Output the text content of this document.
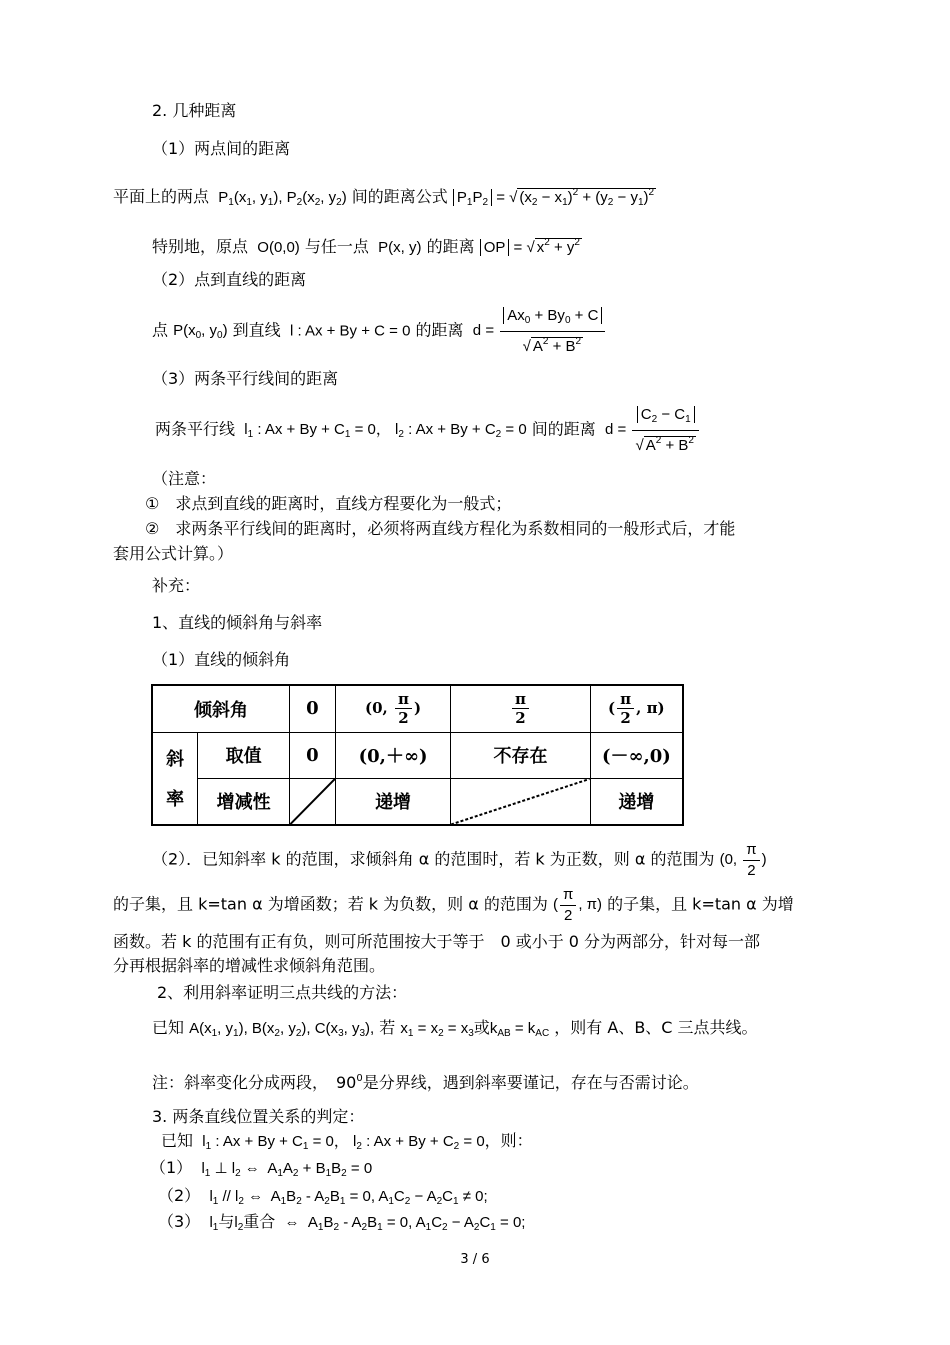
2. 几种距离
（1）两点间的距离
平面上的两点  $P_1(x_1$, $y_1$), $P_2(x_2$, $y_2$) 间的距离公式 $P_1P_2$ = √ $(x_2 - x_1)^2 + (y_2 - y_1)^2$
特别地，原点  O(0,0) 与任一点  P(x, y) 的距离 OP = √ $x^2 + y^2$
（2）点到直线的距离
点 $P(x_0$, $y_0$) 到直线  l : Ax + By + C = 0 的距离  $d = \frac{Ax_0 + By_0 + C}{√ A^2 + B^2}$
（3）两条平行线间的距离
两条平行线  $l_1$ : $Ax + By + C_1 = 0$， $l_2$ : $Ax + By + C_2 = 0$ 间的距离  $d = \frac{C_2 - C_1}{√ A^2 + B^2}$
（注意：
①　求点到直线的距离时，直线方程要化为一般式；
②　求两条平行线间的距离时，必须将两直线方程化为系数相同的一般形式后，才能
套用公式计算。）
补充：
1、直线的倾斜角与斜率
（1）直线的倾斜角
倾斜角		0	(0, $\frac{\pi}{2}$ )	$\frac{\pi}{2}$	( $\frac{\pi}{2}$ , π)

斜
率	取值	0	(0,＋∞)	不存在	(－∞,0)
	增减性		递增		递增
（2）．已知斜率 k 的范围，求倾斜角 α 的范围时，若 k 为正数，则 α 的范围为 (0, $\frac{\pi}{2}$ )
的子集，且 k=tan α 为增函数；若 k 为负数，则 α 的范围为 ( $\frac{\pi}{2}$ , π) 的子集，且 k=tan α 为增
函数。若 k 的范围有正有负，则可所范围按大于等于　0 或小于 0 分为两部分，针对每一部
分再根据斜率的增减性求倾斜角范围。
2、利用斜率证明三点共线的方法：
已知 $A(x_1$, $y_1$), $B(x_2$, $y_2$), $C(x_3$, $y_3$), 若 $x_1 = x_2 = x_3$或$k_{AB} = k_{AC}$ ，则有 A、B、C 三点共线。
注：斜率变化分成两段，　$90^0$是分界线，遇到斜率要谨记，存在与否需讨论。
3. 两条直线位置关系的判定：
已知  $l_1$ : $Ax + By + C_1 = 0$， $l_2$ : $Ax + By + C_2 = 0$，则：
（1）  $l_1$ ⊥ $l_2$ ⇔  $A_1A_2 + B_1B_2 = 0$
（2）  $l_1 // l_2$ ⇔  $A_1B_2 - A_2B_1 = 0$, $A_1C_2 - A_2C_1 \ne 0$;
（3）  $l_1$与$l_2$重合  ⇔  $A_1B_2 - A_2B_1 = 0$, $A_1C_2 - A_2C_1 = 0$;
3 / 6
